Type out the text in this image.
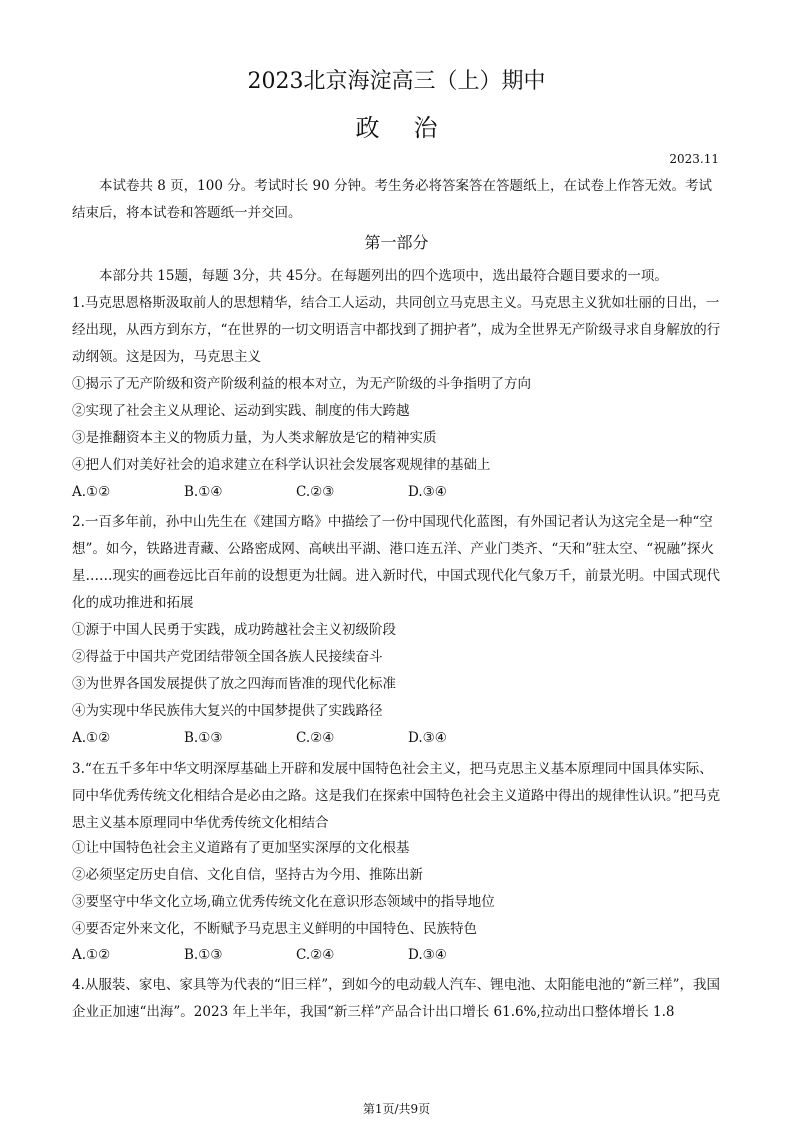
2023北京海淀高三（上）期中
政治
2023.11
本试卷共 8 页，100 分。考试时长 90 分钟。考生务必将答案答在答题纸上，在试卷上作答无效。考试结束后，将本试卷和答题纸一并交回。
第一部分
本部分共 15题，每题 3分，共 45分。在每题列出的四个选项中，选出最符合题目要求的一项。
1.马克思恩格斯汲取前人的思想精华，结合工人运动，共同创立马克思主义。马克思主义犹如壮丽的日出，一经出现，从西方到东方，“在世界的一切文明语言中都找到了拥护者”，成为全世界无产阶级寻求自身解放的行动纲领。这是因为，马克思主义
①揭示了无产阶级和资产阶级利益的根本对立，为无产阶级的斗争指明了方向
②实现了社会主义从理论、运动到实践、制度的伟大跨越
③是推翻资本主义的物质力量，为人类求解放是它的精神实质
④把人们对美好社会的追求建立在科学认识社会发展客观规律的基础上
A.①②	B.①④	C.②③	D.③④
2.一百多年前，孙中山先生在《建国方略》中描绘了一份中国现代化蓝图，有外国记者认为这完全是一种“空想”。如今，铁路进青藏、公路密成网、高峡出平湖、港口连五洋、产业门类齐、“天和”驻太空、“祝融”探火星……现实的画卷远比百年前的设想更为壮阔。进入新时代，中国式现代化气象万千，前景光明。中国式现代化的成功推进和拓展
①源于中国人民勇于实践，成功跨越社会主义初级阶段
②得益于中国共产党团结带领全国各族人民接续奋斗
③为世界各国发展提供了放之四海而皆准的现代化标准
④为实现中华民族伟大复兴的中国梦提供了实践路径
A.①②	B.①③	C.②④	D.③④
3.“在五千多年中华文明深厚基础上开辟和发展中国特色社会主义，把马克思主义基本原理同中国具体实际、同中华优秀传统文化相结合是必由之路。这是我们在探索中国特色社会主义道路中得出的规律性认识。”把马克思主义基本原理同中华优秀传统文化相结合
①让中国特色社会主义道路有了更加坚实深厚的文化根基
②必须坚定历史自信、文化自信，坚持古为今用、推陈出新
③要坚守中华文化立场,确立优秀传统文化在意识形态领域中的指导地位
④要否定外来文化，不断赋予马克思主义鲜明的中国特色、民族特色
A.①②	B.①③	C.②④	D.③④
4.从服装、家电、家具等为代表的“旧三样”，到如今的电动载人汽车、锂电池、太阳能电池的“新三样”，我国企业正加速“出海”。2023 年上半年，我国“新三样”产品合计出口增长 61.6%,拉动出口整体增长 1.8
第1页/共9页
